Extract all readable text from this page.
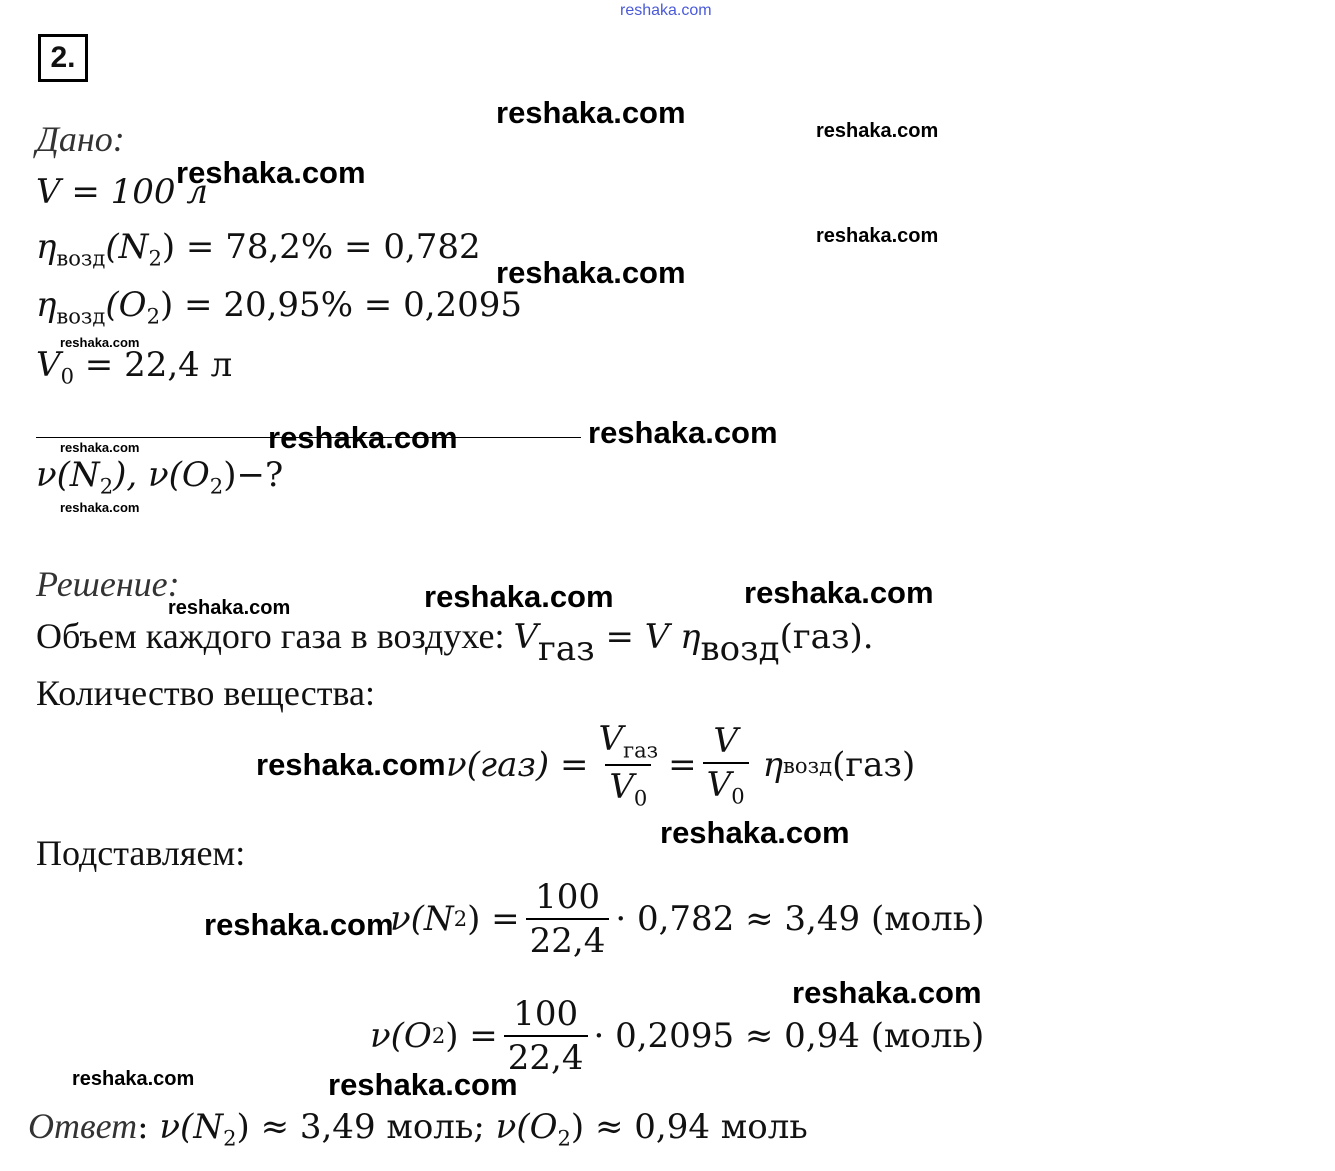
reshaka.com
reshaka.com
reshaka.com
reshaka.com
reshaka.com
reshaka.com
reshaka.com
reshaka.com	reshaka.com
reshaka.com
reshaka.com
reshaka.com	reshaka.com	reshaka.com
reshaka.com
reshaka.com
reshaka.com
reshaka.com
reshaka.com	reshaka.com
2.
Дано:
V = 100 л
$\eta_{возд}(N_2) = 78,2\% = 0,782$
$\eta_{возд}(O_2) = 20,95\% = 0,2095$
$V_0 = 22,4$ л
$\nu(N_2)$, $\nu(O_2)-$?
Решение:
Объем каждого газа в воздухе: $V_{газ} = V$ $\eta_{возд}(газ)$.
Количество вещества:
$\nu(газ) = \frac{V_{газ}}{V_0} = \frac{V}{V_0}$ η возд (газ)
Подставляем:
ν(N 2 ) = $\frac{100}{22,4} \cdot 0,782 \approx 3,49$ (моль)
ν(O 2 ) = $\frac{100}{22,4} \cdot 0,2095 \approx 0,94$ (моль)
Ответ: $\nu(N_2) \approx 3,49$ моль; $\nu(O_2) \approx 0,94$ моль
